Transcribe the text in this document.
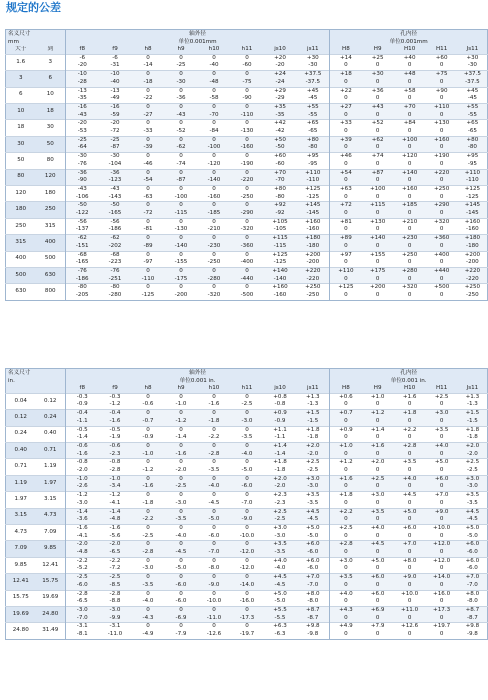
规定的公差
名义尺寸
mm		轴外径
单位0.001mm								孔内径
单位0.001mm				
大于	到	f8	f9	h8	h9	h10	h11	js10	js11	H8	H9	H10	H11	Js11
1.6	3	-6	-6	0	0	0	0	+20	+30	+14	+25	+40	+60	+30
		-20	-31	-14	-25	-40	-60	-20	-30	0	0	0	0	-30
3	6	-10	-10	0	0	0	0	+24	+37.5	+18	+30	+48	+75	+37.5
		-28	-40	-18	-30	-48	-75	-24	-37.5	0	0	0	0	-37.5
6	10	-13	-13	0	0	0	0	+29	+45	+22	+36	+58	+90	+45
		-35	-49	-22	-36	-58	-90	-29	-45	0	0	0	0	-45
10	18	-16	-16	0	0	0	0	+35	+55	+27	+43	+70	+110	+55
		-43	-59	-27	-43	-70	-110	-35	-55	0	0	0	0	-55
18	30	-20	-20	0	0	0	0	+42	+65	+33	+52	+84	+130	+65
		-53	-72	-33	-52	-84	-130	-42	-65	0	0	0	0	-65
30	50	-25	-25	0	0	0	0	+50	+80	+39	+62	+100	+160	+80
		-64	-87	-39	-62	-100	-160	-50	-80	0	0	0	0	-80
50	80	-30	-30	0	0	0	0	+60	+95	+46	+74	+120	+190	+95
		-76	-104	-46	-74	-120	-190	-60	-95	0	0	0	0	-95
80	120	-36	-36	0	0	0	0	+70	+110	+54	+87	+140	+220	+110
		-90	-123	-54	-87	-140	-220	-70	-110	0	0	0	0	-110
120	180	-43	-43	0	0	0	0	+80	+125	+63	+100	+160	+250	+125
		-106	-143	-63	-100	-160	-250	-80	-125	0	0	0	0	-125
180	250	-50	-50	0	0	0	0	+92	+145	+72	+115	+185	+290	+145
		-122	-165	-72	-115	-185	-290	-92	-145	0	0	0	0	-145
250	315	-56	-56	0	0	0	0	+105	+160	+81	+130	+210	+320	+160
		-137	-186	-81	-130	-210	-320	-105	-160	0	0	0	0	-160
315	400	-62	-62	0	0	0	0	+115	+180	+89	+140	+230	+360	+180
		-151	-202	-89	-140	-230	-360	-115	-180	0	0	0	0	-180
400	500	-68	-68	0	0	0	0	+125	+200	+97	+155	+250	+400	+200
		-165	-223	-97	-155	-250	-400	-125	-200	0	0	0	0	-200
500	630	-76	-76	0	0	0	0	+140	+220	+110	+175	+280	+440	+220
		-186	-251	-110	-175	-280	-440	-140	-220	0	0	0	0	-220
630	800	-80	-80	0	0	0	0	+160	+250	+125	+200	+320	+500	+250
		-205	-280	-125	-200	-320	-500	-160	-250	0	0	0	0	-250
名义尺寸
in.		轴外径
单位0.001 in.								孔内径
单位0.001 in.				
		f8	f9	h8	h9	h10	h11	js10	js11	H8	H9	H10	H11	Js11
0.04	0.12	-0.3	-0.3	0	0	0	0	+0.8	+1.3	+0.6	+1.0	+1.6	+2.5	+1.3
		-0.9	-1.2	-0.6	-1.0	-1.6	-2.5	-0.8	-1.3	0	0	0	0	-1.3
0.12	0.24	-0.4	-0.4	0	0	0	0	+0.9	+1.5	+0.7	+1.2	+1.8	+3.0	+1.5
		-1.1	-1.6	-0.7	-1.2	-1.8	-3.0	-0.9	-1.5	0	0	0	0	-1.5
0.24	0.40	-0.5	-0.5	0	0	0	0	+1.1	+1.8	+0.9	+1.4	+2.2	+3.5	+1.8
		-1.4	-1.9	-0.9	-1.4	-2.2	-3.5	-1.1	-1.8	0	0	0	0	-1.8
0.40	0.71	-0.6	-0.6	0	0	0	0	+1.4	+2.0	+1.0	+1.6	+2.8	+4.0	+2.0
		-1.6	-2.3	-1.0	-1.6	-2.8	-4.0	-1.4	-2.0	0	0	0	0	-2.0
0.71	1.19	-0.8	-0.8	0	0	0	0	+1.8	+2.5	+1.2	+2.0	+3.5	+5.0	+2.5
		-2.0	-2.8	-1.2	-2.0	-3.5	-5.0	-1.8	-2.5	0	0	0	0	-2.5
1.19	1.97	-1.0	-1.0	0	0	0	0	+2.0	+3.0	+1.6	+2.5	+4.0	+6.0	+3.0
		-2.6	-3.4	-1.6	-2.5	-4.0	-6.0	-2.0	-3.0	0	0	0	0	-3.0
1.97	3.15	-1.2	-1.2	0	0	0	0	+2.3	+3.5	+1.8	+3.0	+4.5	+7.0	+3.5
		-3.0	-4.1	-1.8	-3.0	-4.5	-7.0	-2.3	-3.5	0	0	0	0	-3.5
3.15	4.73	-1.4	-1.4	0	0	0	0	+2.5	+4.5	+2.2	+3.5	+5.0	+9.0	+4.5
		-3.6	-4.8	-2.2	-3.5	-5.0	-9.0	-2.5	-4.5	0	0	0	0	-4.5
4.73	7.09	-1.6	-1.6	0	0	0	0	+3.0	+5.0	+2.5	+4.0	+6.0	+10.0	+5.0
		-4.1	-5.6	-2.5	-4.0	-6.0	-10.0	-3.0	-5.0	0	0	0	0	-5.0
7.09	9.85	-2.0	-2.0	0	0	0	0	+3.5	+6.0	+2.8	+4.5	+7.0	+12.0	+6.0
		-4.8	-6.5	-2.8	-4.5	-7.0	-12.0	-3.5	-6.0	0	0	0	0	-6.0
9.85	12.41	-2.2	-2.2	0	0	0	0	+4.0	+6.0	+3.0	+5.0	+8.0	+12.0	+6.0
		-5.2	-7.2	-3.0	-5.0	-8.0	-12.0	-4.0	-6.0	0	0	0	0	-6.0
12.41	15.75	-2.5	-2.5	0	0	0	0	+4.5	+7.0	+3.5	+6.0	+9.0	+14.0	+7.0
		-6.0	-8.5	-3.5	-6.0	-9.0	-14.0	-4.5	-7.0	0	0	0	0	-7.0
15.75	19.69	-2.8	-2.8	0	0	0	0	+5.0	+8.0	+4.0	+6.0	+10.0	+16.0	+8.0
		-6.5	-8.8	-4.0	-6.0	-10.0	-16.0	-5.0	-8.0	0	0	0	0	-8.0
19.69	24.80	-3.0	-3.0	0	0	0	0	+5.5	+8.7	+4.3	+6.9	+11.0	+17.3	+8.7
		-7.0	-9.9	-4.3	-6.9	-11.0	-17.3	-5.5	-8.7	0	0	0	0	-8.7
24.80	31.49	-3.1	-3.1	0	0	0	0	+6.3	+9.8	+4.9	+7.9	+12.6	+19.7	+9.8
		-8.1	-11.0	-4.9	-7.9	-12.6	-19.7	-6.3	-9.8	0	0	0	0	-9.8
